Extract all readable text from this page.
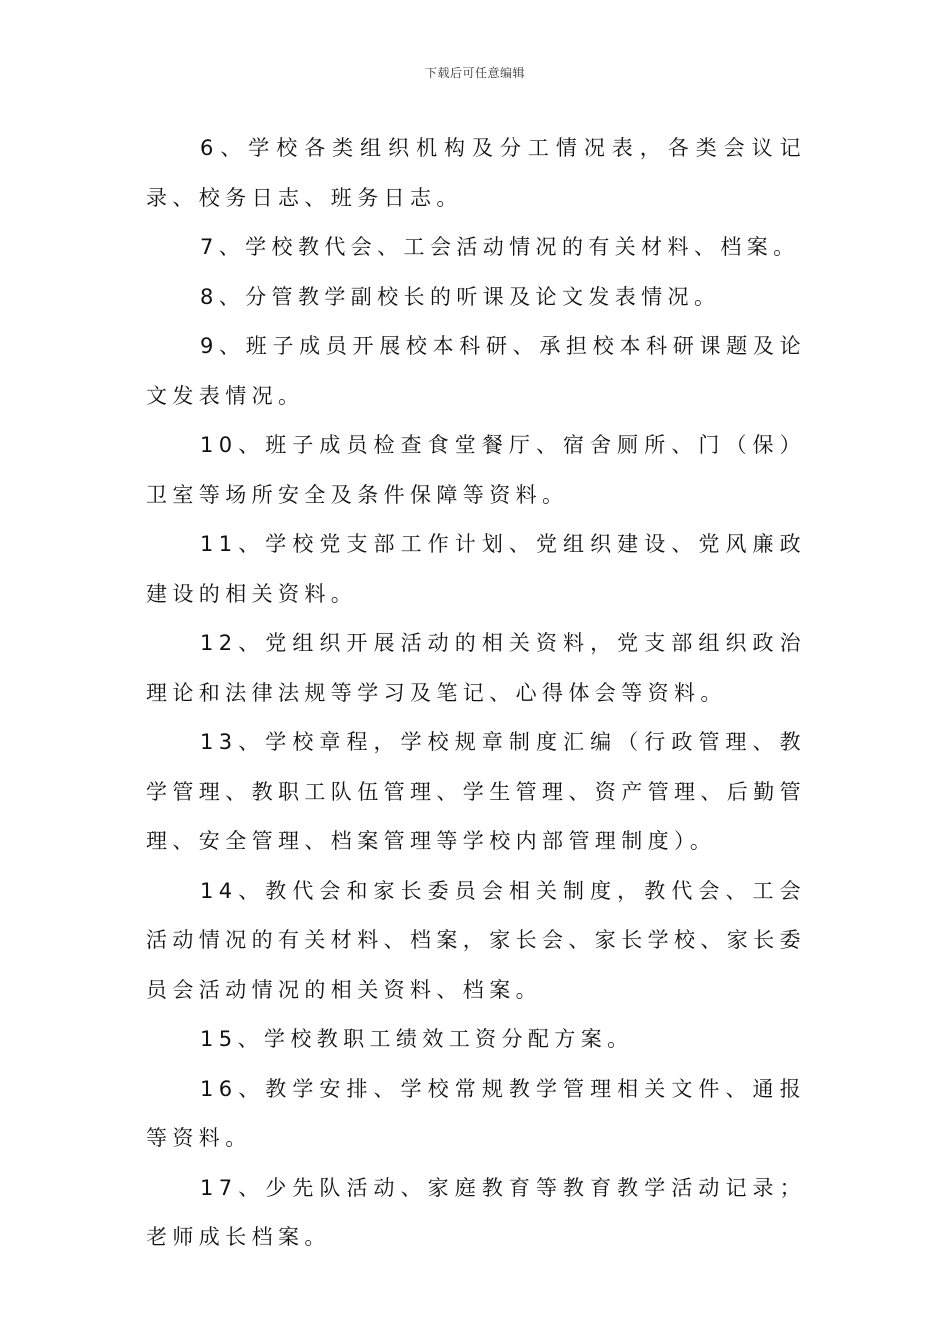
下载后可任意编辑

6、学校各类组织机构及分工情况表，各类会议记录、校务日志、班务日志。

7、学校教代会、工会活动情况的有关材料、档案。

8、分管教学副校长的听课及论文发表情况。

9、班子成员开展校本科研、承担校本科研课题及论文发表情况。

10、班子成员检查食堂餐厅、宿舍厕所、门（保）卫室等场所安全及条件保障等资料。

11、学校党支部工作计划、党组织建设、党风廉政建设的相关资料。

12、党组织开展活动的相关资料，党支部组织政治理论和法律法规等学习及笔记、心得体会等资料。

13、学校章程，学校规章制度汇编（行政管理、教学管理、教职工队伍管理、学生管理、资产管理、后勤管理、安全管理、档案管理等学校内部管理制度）。

14、教代会和家长委员会相关制度，教代会、工会活动情况的有关材料、档案，家长会、家长学校、家长委员会活动情况的相关资料、档案。

15、学校教职工绩效工资分配方案。

16、教学安排、学校常规教学管理相关文件、通报等资料。

17、少先队活动、家庭教育等教育教学活动记录；老师成长档案。
